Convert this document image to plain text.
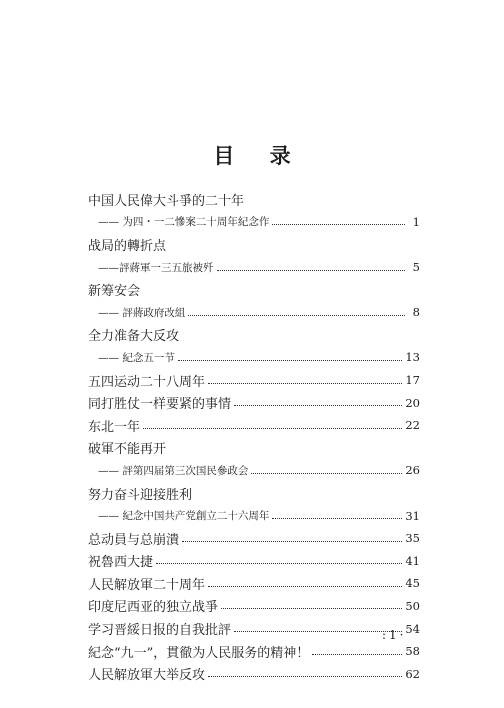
目 录
中国人民偉大斗爭的二十年
—— 为四・一二慘案二十周年紀念作	1
战局的轉折点
——評蔣軍一三五旅被歼	5
新筹安会
—— 評蔣政府改組	8
全力准备大反攻
—— 紀念五一节	13
五四运动二十八周年	17
同打胜仗一样要紧的事情	20
东北一年	22
破軍不能再开
—— 評第四届第三次国民參政会	26
努力奋斗迎接胜利
—— 紀念中国共产党創立二十六周年	31
总动員与总崩潰	35
祝魯西大捷	41
人民解放軍二十周年	45
印度尼西亚的独立战爭	50
学习晋綏日报的自我批評	54
紀念“九一”，貫徹为人民服务的精神！	58
人民解放軍大举反攻	62
:1·
